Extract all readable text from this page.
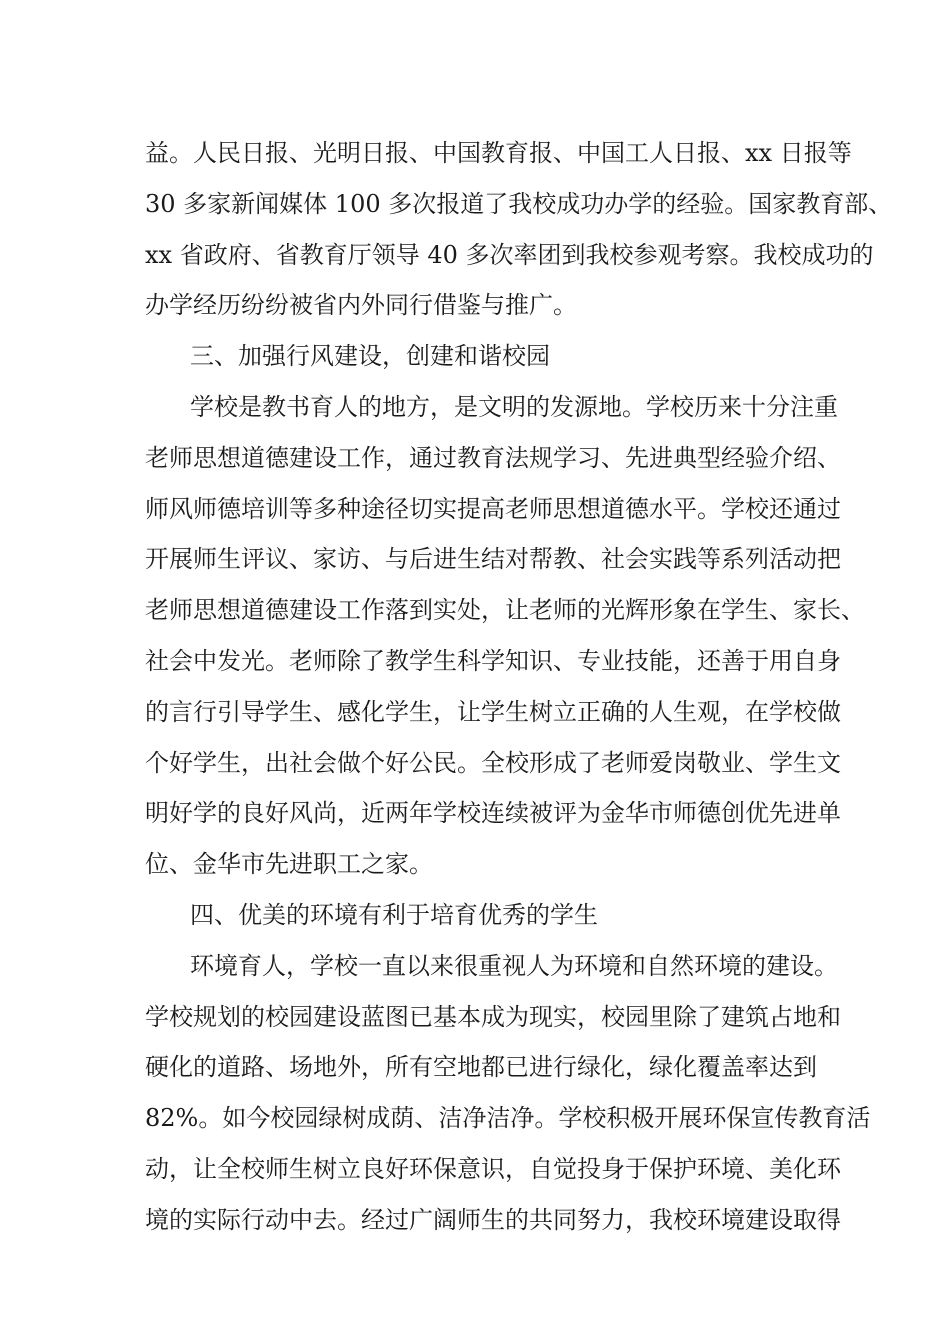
益。人民日报、光明日报、中国教育报、中国工人日报、xx 日报等
30 多家新闻媒体 100 多次报道了我校成功办学的经验。国家教育部、
xx 省政府、省教育厅领导 40 多次率团到我校参观考察。我校成功的
办学经历纷纷被省内外同行借鉴与推广。
三、加强行风建设，创建和谐校园
学校是教书育人的地方，是文明的发源地。学校历来十分注重
老师思想道德建设工作，通过教育法规学习、先进典型经验介绍、
师风师德培训等多种途径切实提高老师思想道德水平。学校还通过
开展师生评议、家访、与后进生结对帮教、社会实践等系列活动把
老师思想道德建设工作落到实处，让老师的光辉形象在学生、家长、
社会中发光。老师除了教学生科学知识、专业技能，还善于用自身
的言行引导学生、感化学生，让学生树立正确的人生观，在学校做
个好学生，出社会做个好公民。全校形成了老师爱岗敬业、学生文
明好学的良好风尚，近两年学校连续被评为金华市师德创优先进单
位、金华市先进职工之家。
四、优美的环境有利于培育优秀的学生
环境育人，学校一直以来很重视人为环境和自然环境的建设。
学校规划的校园建设蓝图已基本成为现实，校园里除了建筑占地和
硬化的道路、场地外，所有空地都已进行绿化，绿化覆盖率达到
82%。如今校园绿树成荫、洁净洁净。学校积极开展环保宣传教育活
动，让全校师生树立良好环保意识，自觉投身于保护环境、美化环
境的实际行动中去。经过广阔师生的共同努力，我校环境建设取得
